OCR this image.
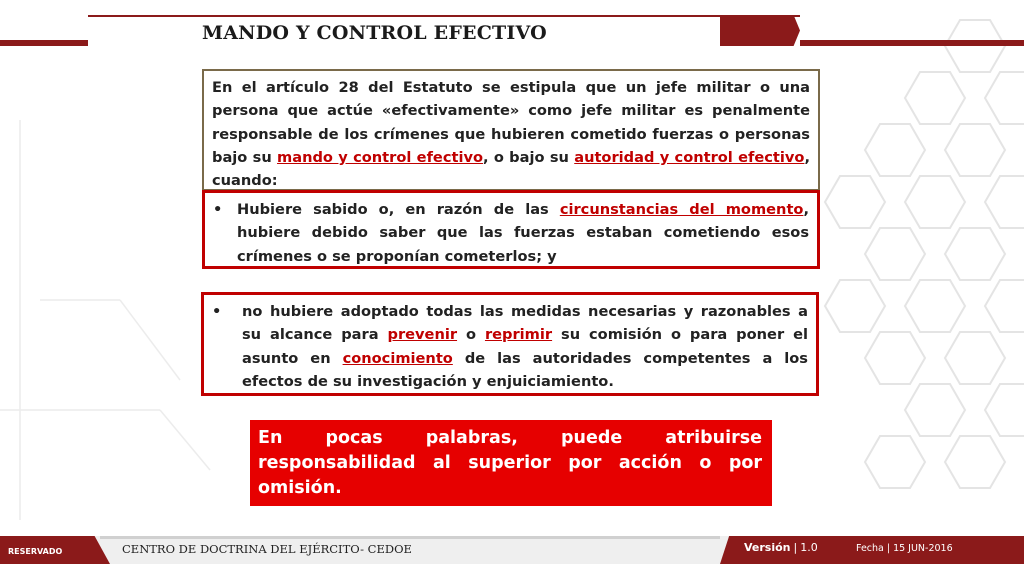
MANDO Y CONTROL EFECTIVO
En el artículo 28 del Estatuto se estipula que un jefe militar o una persona que actúe «efectivamente» como jefe militar es penalmente responsable de los crímenes que hubieren cometido fuerzas o personas bajo su mando y control efectivo, o bajo su autoridad y control efectivo, cuando:
•	Hubiere sabido o, en razón de las circunstancias del momento, hubiere debido saber que las fuerzas estaban cometiendo esos crímenes o se proponían cometerlos; y
•	no hubiere adoptado todas las medidas necesarias y razonables a su alcance para prevenir o reprimir su comisión o para poner el asunto en conocimiento de las autoridades competentes a los efectos de su investigación y enjuiciamiento.
En pocas palabras, puede atribuirse responsabilidad al superior por acción o por omisión.
RESERVADO	CENTRO DE DOCTRINA DEL EJÉRCITO- CEDOE	Versión | 1.0	Fecha | 15 JUN-2016
